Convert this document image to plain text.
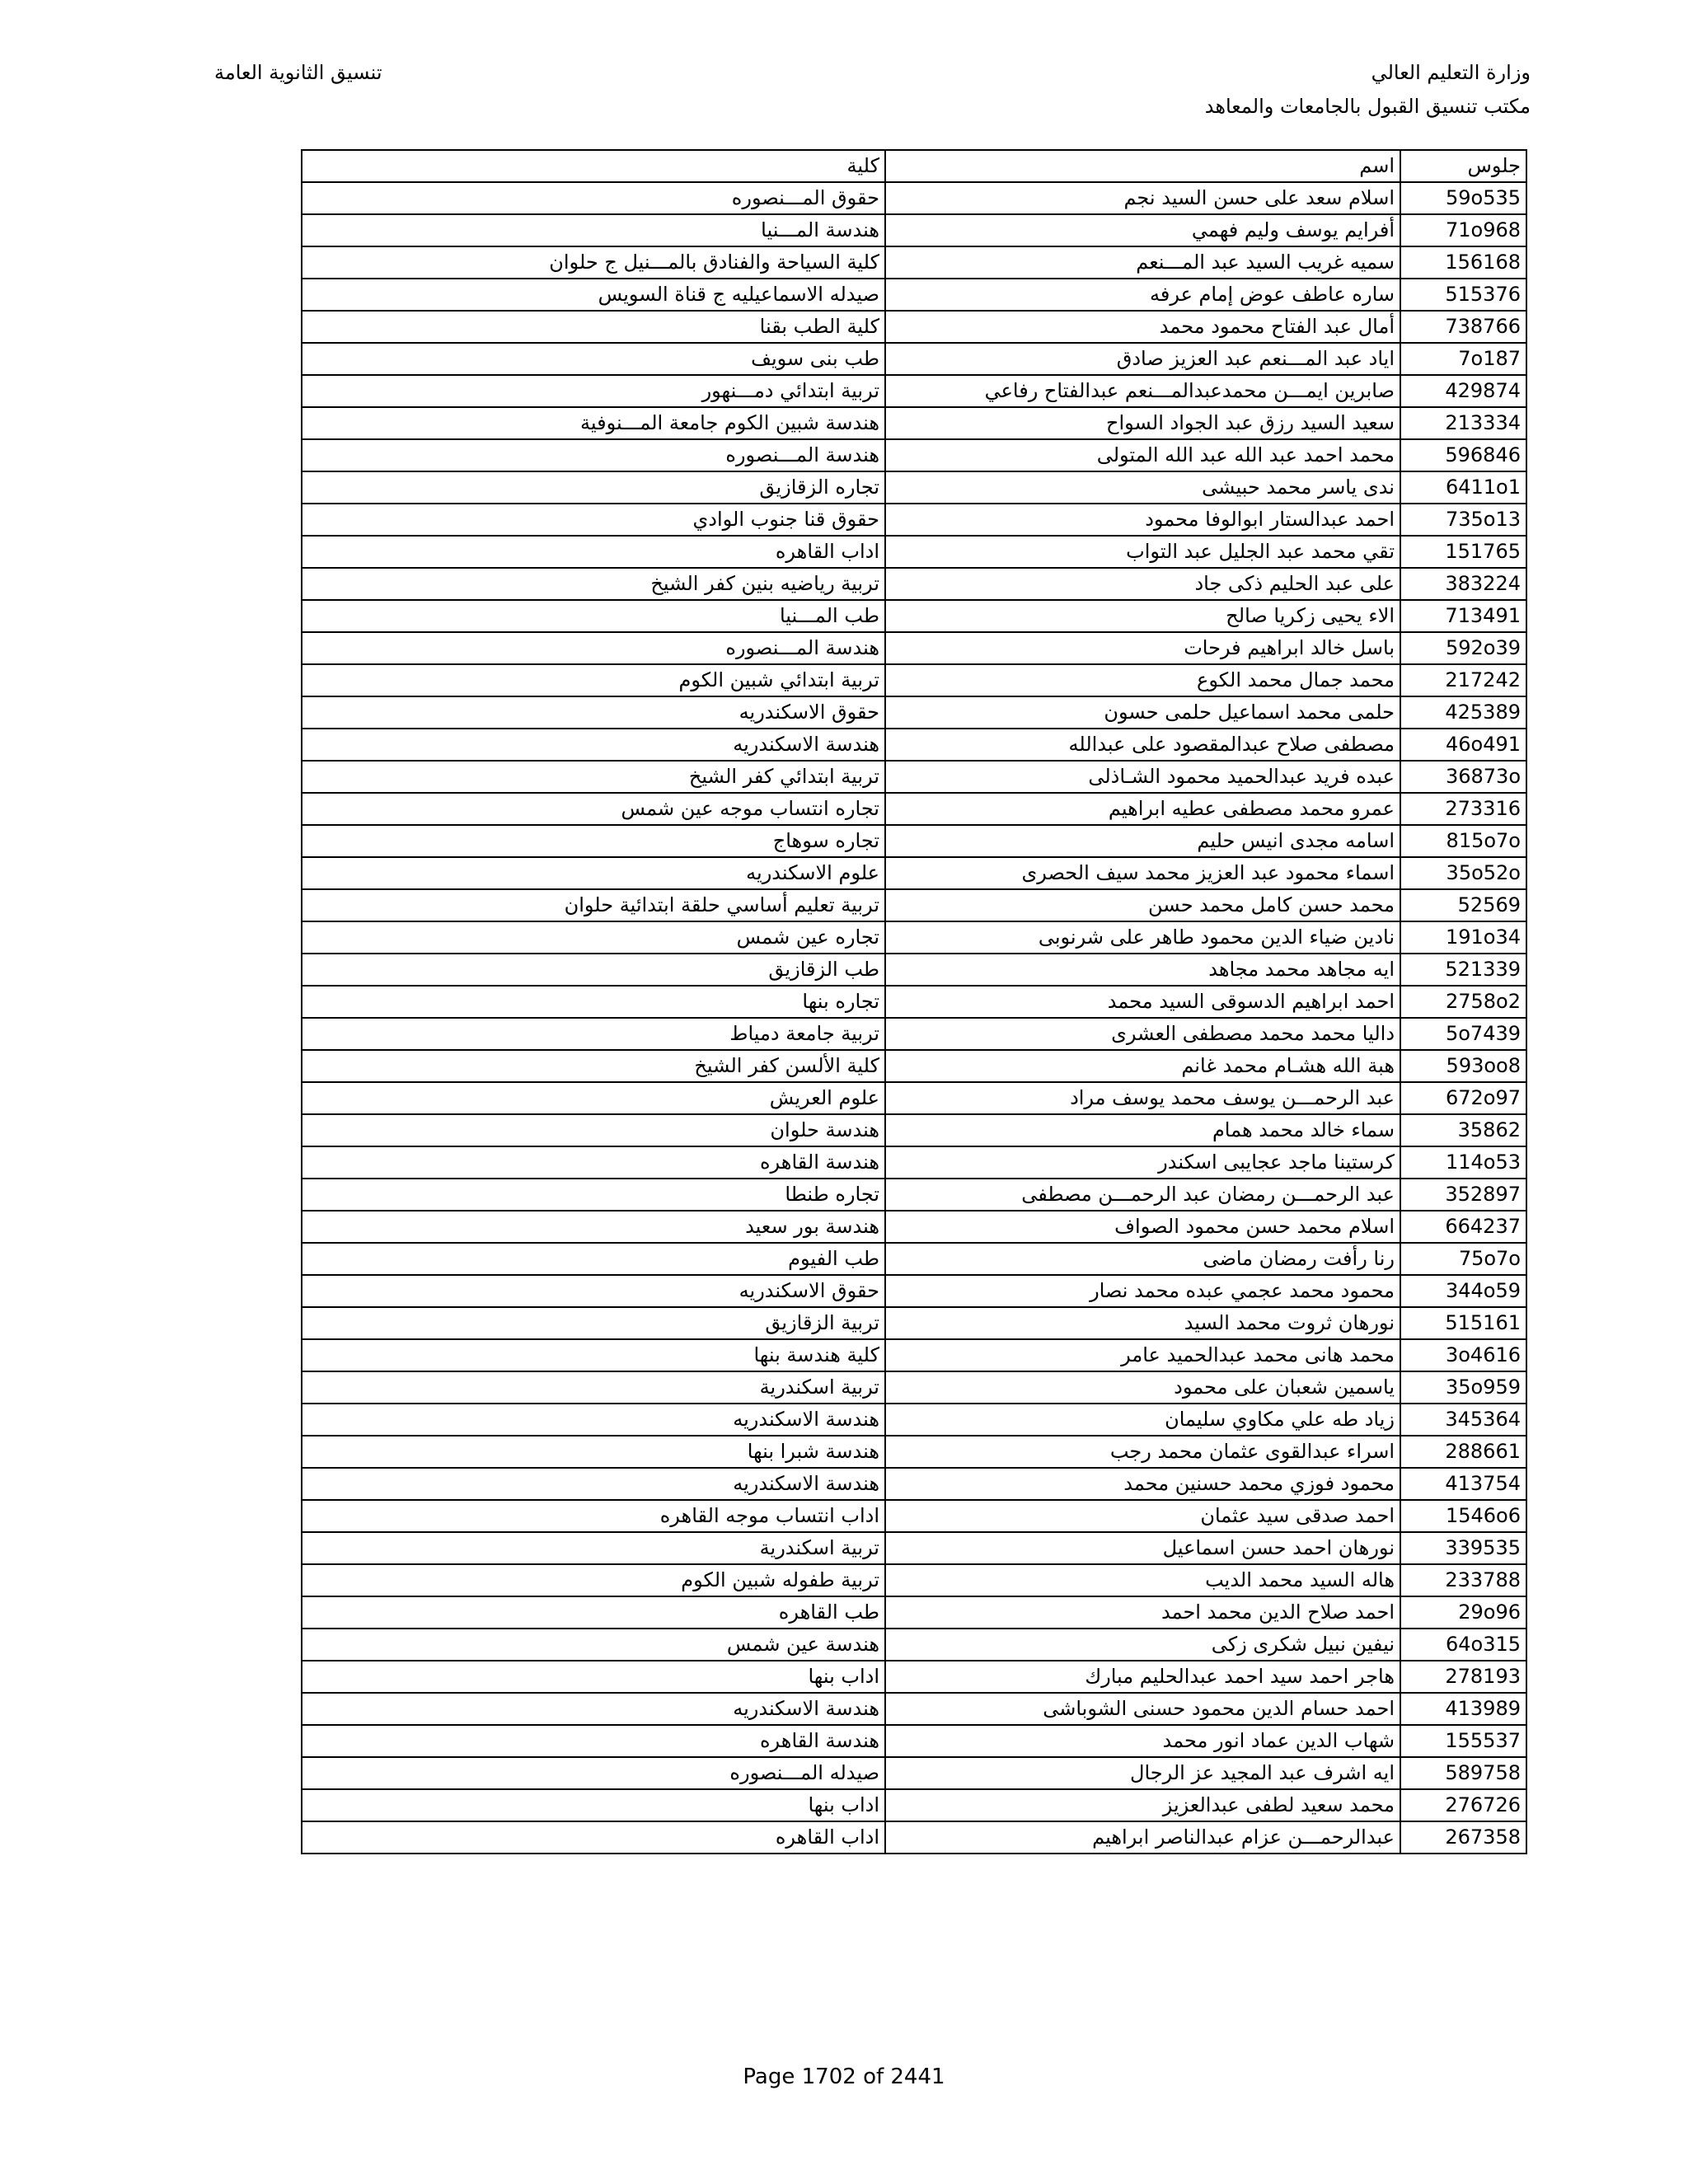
وزارة التعليم العالي
مكتب تنسيق القبول بالجامعات والمعاهد
تنسيق الثانوية العامة
كلية	اسم	جلوس
حقوق المـــنصوره	اسلام سعد على حسن السيد نجم	59o535
هندسة المـــنيا	أفرايم يوسف وليم فهمي	71o968
كلية السياحة والفنادق بالمـــنيل ج حلوان	سميه غريب السيد عبد المـــنعم	156168
صيدله الاسماعيليه ج قناة السويس	ساره عاطف عوض إمام عرفه	515376
كلية الطب بقنا	أمال عبد الفتاح محمود محمد	738766
طب بنى سويف	اياد عبد المـــنعم عبد العزيز صادق	7o187
تربية ابتدائي دمـــنهور	صابرين ايمـــن محمدعبدالمـــنعم عبدالفتاح رفاعي	429874
هندسة شبين الكوم جامعة المـــنوفية	سعيد السيد رزق عبد الجواد السواح	213334
هندسة المـــنصوره	محمد احمد عبد الله عبد الله المتولى	596846
تجاره الزقازيق	ندى ياسر محمد حبيشى	6411o1
حقوق قنا جنوب الوادي	احمد عبدالستار ابوالوفا محمود	735o13
اداب القاهره	تقي محمد عبد الجليل عبد التواب	151765
تربية رياضيه بنين كفر الشيخ	على عبد الحليم ذكى جاد	383224
طب المـــنيا	الاء يحيى زكريا صالح	713491
هندسة المـــنصوره	باسل خالد ابراهيم فرحات	592o39
تربية ابتدائي شبين الكوم	محمد جمال محمد الكوع	217242
حقوق الاسكندريه	حلمى محمد اسماعيل حلمى حسون	425389
هندسة الاسكندريه	مصطفى صلاح عبدالمقصود على عبدالله	46o491
تربية ابتدائي كفر الشيخ	عبده فريد عبدالحميد محمود الشـاذلى	36873o
تجاره انتساب موجه عين شمس	عمرو محمد مصطفى عطيه ابراهيم	273316
تجاره سوهاج	اسامه مجدى انيس حليم	815o7o
علوم الاسكندريه	اسماء محمود عبد العزيز محمد سيف الحصرى	35o52o
تربية تعليم أساسي حلقة ابتدائية حلوان	محمد حسن كامل محمد حسن	52569
تجاره عين شمس	نادين ضياء الدين محمود طاهر على شرنوبى	191o34
طب الزقازيق	ايه مجاهد محمد مجاهد	521339
تجاره بنها	احمد ابراهيم الدسوقى السيد محمد	2758o2
تربية جامعة دمياط	داليا محمد محمد مصطفى العشرى	5o7439
كلية الألسن كفر الشيخ	هبة الله هشـام محمد غانم	593oo8
علوم العريش	عبد الرحمـــن يوسف محمد يوسف مراد	672o97
هندسة حلوان	سماء خالد محمد همام	35862
هندسة القاهره	كرستينا ماجد عجايبى اسكندر	114o53
تجاره طنطا	عبد الرحمـــن رمضان عبد الرحمـــن مصطفى	352897
هندسة بور سعيد	اسلام محمد حسن محمود الصواف	664237
طب الفيوم	رنا رأفت رمضان ماضى	75o7o
حقوق الاسكندريه	محمود محمد عجمي عبده محمد نصار	344o59
تربية الزقازيق	نورهان ثروت محمد السيد	515161
كلية هندسة بنها	محمد هانى محمد عبدالحميد عامر	3o4616
تربية اسكندرية	ياسمين شعبان على محمود	35o959
هندسة الاسكندريه	زياد طه علي مكاوي سليمان	345364
هندسة شبرا بنها	اسراء عبدالقوى عثمان محمد رجب	288661
هندسة الاسكندريه	محمود فوزي محمد حسنين محمد	413754
اداب انتساب موجه القاهره	احمد صدقى سيد عثمان	1546o6
تربية اسكندرية	نورهان احمد حسن اسماعيل	339535
تربية طفوله شبين الكوم	هاله السيد محمد الديب	233788
طب القاهره	احمد صلاح الدين محمد احمد	29o96
هندسة عين شمس	نيفين نبيل شكرى زكى	64o315
اداب بنها	هاجر احمد سيد احمد عبدالحليم مبارك	278193
هندسة الاسكندريه	احمد حسام الدين محمود حسنى الشوباشى	413989
هندسة القاهره	شهاب الدين عماد انور محمد	155537
صيدله المـــنصوره	ايه اشرف عبد المجيد عز الرجال	589758
اداب بنها	محمد سعيد لطفى عبدالعزيز	276726
اداب القاهره	عبدالرحمـــن عزام عبدالناصر ابراهيم	267358
Page 1702 of 2441
